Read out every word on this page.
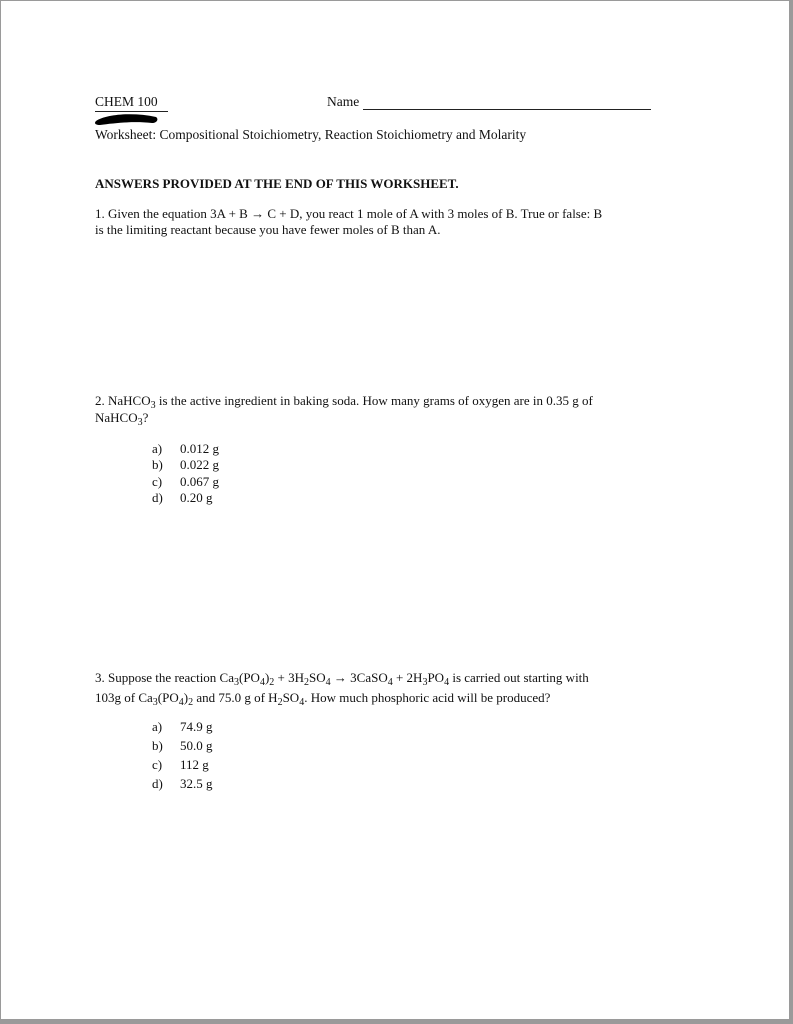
CHEM 100	Name
Worksheet: Compositional Stoichiometry, Reaction Stoichiometry and Molarity
ANSWERS PROVIDED AT THE END OF THIS WORKSHEET.
1. Given the equation 3A + B → C + D, you react 1 mole of A with 3 moles of B. True or false: B
is the limiting reactant because you have fewer moles of B than A.
2. NaHCO$_3$ is the active ingredient in baking soda. How many grams of oxygen are in 0.35 g of
NaHCO$_3$?
a) 0.012 g
b) 0.022 g
c) 0.067 g
d) 0.20 g
3. Suppose the reaction $Ca_3(PO_4)_2 + 3H_2SO_4$ → 3CaSO$_4$ + $2H_3PO_4$ is carried out starting with
103g of $Ca_3(PO_4)_2$ and 75.0 g of $H_2SO_4$. How much phosphoric acid will be produced?
a) 74.9 g
b) 50.0 g
c) 112 g
d) 32.5 g
